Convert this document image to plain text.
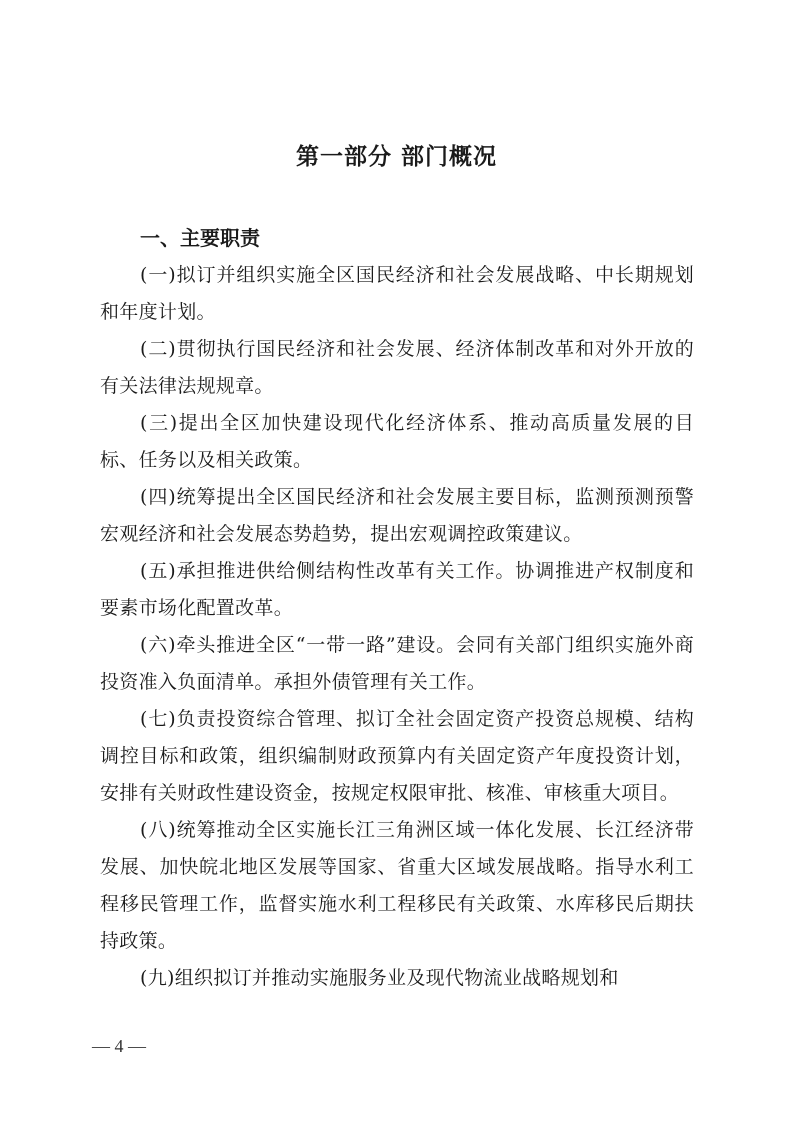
第一部分 部门概况
一、主要职责

(一)拟订并组织实施全区国民经济和社会发展战略、中长期规划和年度计划。

(二)贯彻执行国民经济和社会发展、经济体制改革和对外开放的有关法律法规规章。

(三)提出全区加快建设现代化经济体系、推动高质量发展的目标、任务以及相关政策。

(四)统筹提出全区国民经济和社会发展主要目标，监测预测预警宏观经济和社会发展态势趋势，提出宏观调控政策建议。

(五)承担推进供给侧结构性改革有关工作。协调推进产权制度和要素市场化配置改革。

(六)牵头推进全区“一带一路”建设。会同有关部门组织实施外商投资准入负面清单。承担外债管理有关工作。

(七)负责投资综合管理、拟订全社会固定资产投资总规模、结构调控目标和政策，组织编制财政预算内有关固定资产年度投资计划，安排有关财政性建设资金，按规定权限审批、核准、审核重大项目。

(八)统筹推动全区实施长江三角洲区域一体化发展、长江经济带发展、加快皖北地区发展等国家、省重大区域发展战略。指导水利工程移民管理工作，监督实施水利工程移民有关政策、水库移民后期扶持政策。

(九)组织拟订并推动实施服务业及现代物流业战略规划和

— 4 —
